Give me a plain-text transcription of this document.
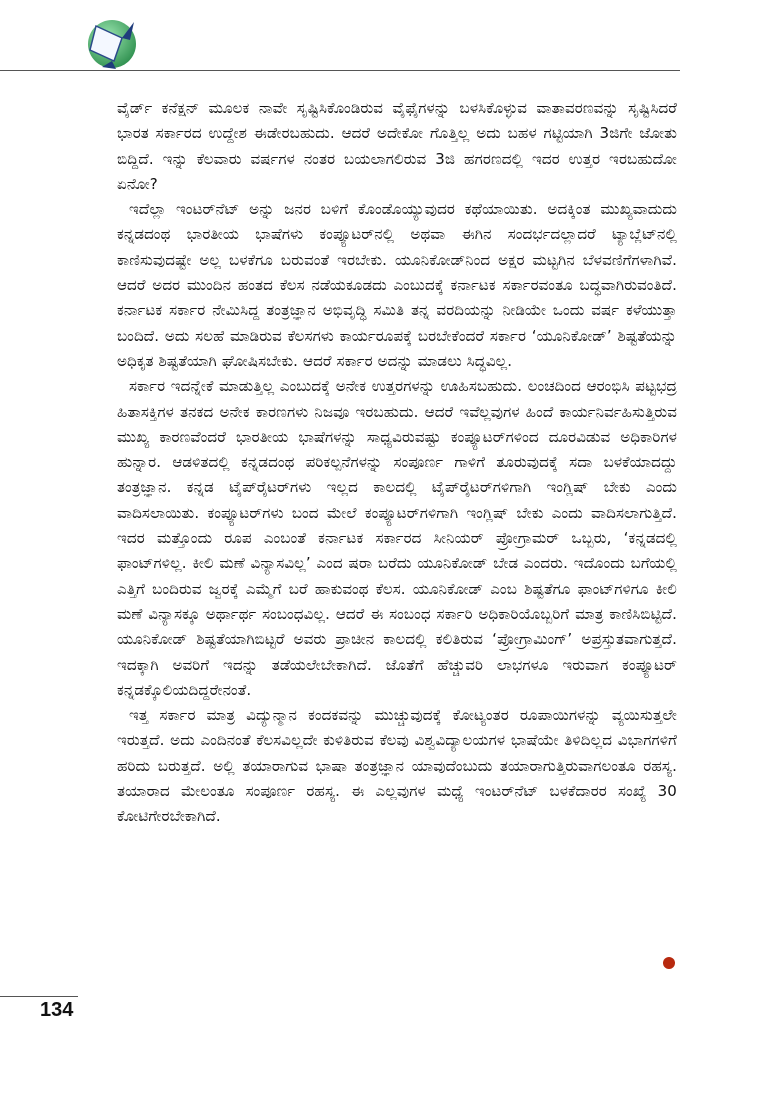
ವೈರ್ಡ್ ಕನೆಕ್ಷನ್ ಮೂಲಕ ನಾವೇ ಸೃಷ್ಟಿಸಿಕೊಂಡಿರುವ ವೈಫೈಗಳನ್ನು ಬಳಸಿಕೊಳ್ಳುವ ವಾತಾವರಣವನ್ನು ಸೃಷ್ಟಿಸಿದರೆ ಭಾರತ ಸರ್ಕಾರದ ಉದ್ದೇಶ ಈಡೇರಬಹುದು. ಆದರೆ ಅದೇಕೋ ಗೊತ್ತಿಲ್ಲ ಅದು ಬಹಳ ಗಟ್ಟಿಯಾಗಿ 3ಜಿಗೇ ಜೋತು ಬಿದ್ದಿದೆ. ಇನ್ನು ಕೆಲವಾರು ವರ್ಷಗಳ ನಂತರ ಬಯಲಾಗಲಿರುವ 3ಜಿ ಹಗರಣದಲ್ಲಿ ಇದರ ಉತ್ತರ ಇರಬಹುದೋ ಏನೋ?

ಇದೆಲ್ಲಾ ಇಂಟರ್‌ನೆಟ್ ಅನ್ನು ಜನರ ಬಳಿಗೆ ಕೊಂಡೊಯ್ಯುವುದರ ಕಥೆಯಾಯಿತು. ಅದಕ್ಕಿಂತ ಮುಖ್ಯವಾದುದು ಕನ್ನಡದಂಥ ಭಾರತೀಯ ಭಾಷೆಗಳು ಕಂಪ್ಯೂಟರ್‌ನಲ್ಲಿ ಅಥವಾ ಈಗಿನ ಸಂದರ್ಭದಲ್ಲಾದರೆ ಟ್ಯಾಬ್ಲೆಟ್‌ನಲ್ಲಿ ಕಾಣಿಸುವುದಷ್ಟೇ ಅಲ್ಲ ಬಳಕೆಗೂ ಬರುವಂತೆ ಇರಬೇಕು. ಯೂನಿಕೋಡ್‌ನಿಂದ ಅಕ್ಷರ ಮಟ್ಟಗಿನ ಬೆಳವಣಿಗೆಗಳಾಗಿವೆ. ಆದರೆ ಅದರ ಮುಂದಿನ ಹಂತದ ಕೆಲಸ ನಡೆಯಕೂಡದು ಎಂಬುದಕ್ಕೆ ಕರ್ನಾಟಕ ಸರ್ಕಾರವಂತೂ ಬದ್ಧವಾಗಿರುವಂತಿದೆ. ಕರ್ನಾಟಕ ಸರ್ಕಾರ ನೇಮಿಸಿದ್ದ ತಂತ್ರಜ್ಞಾನ ಅಭಿವೃದ್ಧಿ ಸಮಿತಿ ತನ್ನ ವರದಿಯನ್ನು ನೀಡಿಯೇ ಒಂದು ವರ್ಷ ಕಳೆಯುತ್ತಾ ಬಂದಿದೆ. ಅದು ಸಲಹೆ ಮಾಡಿರುವ ಕೆಲಸಗಳು ಕಾರ್ಯರೂಪಕ್ಕೆ ಬರಬೇಕೆಂದರೆ ಸರ್ಕಾರ ‘ಯೂನಿಕೋಡ್’ ಶಿಷ್ಟತೆಯನ್ನು ಅಧಿಕೃತ ಶಿಷ್ಟತೆಯಾಗಿ ಘೋಷಿಸಬೇಕು. ಆದರೆ ಸರ್ಕಾರ ಅದನ್ನು ಮಾಡಲು ಸಿದ್ಧವಿಲ್ಲ.

ಸರ್ಕಾರ ಇದನ್ನೇಕೆ ಮಾಡುತ್ತಿಲ್ಲ ಎಂಬುದಕ್ಕೆ ಅನೇಕ ಉತ್ತರಗಳನ್ನು ಊಹಿಸಬಹುದು. ಲಂಚದಿಂದ ಆರಂಭಿಸಿ ಪಟ್ಟಭದ್ರ ಹಿತಾಸಕ್ತಿಗಳ ತನಕದ ಅನೇಕ ಕಾರಣಗಳು ನಿಜವೂ ಇರಬಹುದು. ಆದರೆ ಇವೆಲ್ಲವುಗಳ ಹಿಂದೆ ಕಾರ್ಯನಿರ್ವಹಿಸುತ್ತಿರುವ ಮುಖ್ಯ ಕಾರಣವೆಂದರೆ ಭಾರತೀಯ ಭಾಷೆಗಳನ್ನು ಸಾಧ್ಯವಿರುವಷ್ಟು ಕಂಪ್ಯೂಟರ್‌ಗಳಿಂದ ದೂರವಿಡುವ ಅಧಿಕಾರಿಗಳ ಹುನ್ನಾರ. ಆಡಳಿತದಲ್ಲಿ ಕನ್ನಡದಂಥ ಪರಿಕಲ್ಪನೆಗಳನ್ನು ಸಂಪೂರ್ಣ ಗಾಳಿಗೆ ತೂರುವುದಕ್ಕೆ ಸದಾ ಬಳಕೆಯಾದದ್ದು ತಂತ್ರಜ್ಞಾನ. ಕನ್ನಡ ಟೈಪ್‌ರೈಟರ್‌ಗಳು ಇಲ್ಲದ ಕಾಲದಲ್ಲಿ ಟೈಪ್‌ರೈಟರ್‌ಗಳಿಗಾಗಿ ಇಂಗ್ಲಿಷ್ ಬೇಕು ಎಂದು ವಾದಿಸಲಾಯಿತು. ಕಂಪ್ಯೂಟರ್‌ಗಳು ಬಂದ ಮೇಲೆ ಕಂಪ್ಯೂಟರ್‌ಗಳಿಗಾಗಿ ಇಂಗ್ಲಿಷ್ ಬೇಕು ಎಂದು ವಾದಿಸಲಾಗುತ್ತಿದೆ. ಇದರ ಮತ್ತೊಂದು ರೂಪ ಎಂಬಂತೆ ಕರ್ನಾಟಕ ಸರ್ಕಾರದ ಸೀನಿಯರ್ ಪ್ರೋಗ್ರಾಮರ್ ಒಬ್ಬರು, ‘ಕನ್ನಡದಲ್ಲಿ ಫಾಂಟ್‌ಗಳಿಲ್ಲ. ಕೀಲಿ ಮಣೆ ವಿನ್ಯಾಸವಿಲ್ಲ’ ಎಂದ ಷರಾ ಬರೆದು ಯೂನಿಕೋಡ್ ಬೇಡ ಎಂದರು. ಇದೊಂದು ಬಗೆಯಲ್ಲಿ ಎತ್ತಿಗೆ ಬಂದಿರುವ ಜ್ವರಕ್ಕೆ ಎಮ್ಮೆಗೆ ಬರೆ ಹಾಕುವಂಥ ಕೆಲಸ. ಯೂನಿಕೋಡ್ ಎಂಬ ಶಿಷ್ಟತೆಗೂ ಫಾಂಟ್‌ಗಳಿಗೂ ಕೀಲಿ ಮಣೆ ವಿನ್ಯಾಸಕ್ಕೂ ಅರ್ಥಾರ್ಥ ಸಂಬಂಧವಿಲ್ಲ. ಆದರೆ ಈ ಸಂಬಂಧ ಸರ್ಕಾರಿ ಅಧಿಕಾರಿಯೊಬ್ಬರಿಗೆ ಮಾತ್ರ ಕಾಣಿಸಿಬಿಟ್ಟಿದೆ. ಯೂನಿಕೋಡ್ ಶಿಷ್ಟತೆಯಾಗಿಬಿಟ್ಟರೆ ಅವರು ಪ್ರಾಚೀನ ಕಾಲದಲ್ಲಿ ಕಲಿತಿರುವ ‘ಪ್ರೋಗ್ರಾಮಿಂಗ್’ ಅಪ್ರಸ್ತುತವಾಗುತ್ತದೆ. ಇದಕ್ಕಾಗಿ ಅವರಿಗೆ ಇದನ್ನು ತಡೆಯಲೇಬೇಕಾಗಿದೆ. ಜೊತೆಗೆ ಹೆಚ್ಚುವರಿ ಲಾಭಗಳೂ ಇರುವಾಗ ಕಂಪ್ಯೂಟರ್ ಕನ್ನಡಕ್ಕೊಲಿಯದಿದ್ದರೇನಂತೆ.

ಇತ್ತ ಸರ್ಕಾರ ಮಾತ್ರ ವಿದ್ಯುನ್ಮಾನ ಕಂದಕವನ್ನು ಮುಚ್ಚುವುದಕ್ಕೆ ಕೋಟ್ಯಂತರ ರೂಪಾಯಿಗಳನ್ನು ವ್ಯಯಿಸುತ್ತಲೇ ಇರುತ್ತದೆ. ಅದು ಎಂದಿನಂತೆ ಕೆಲಸವಿಲ್ಲದೇ ಕುಳಿತಿರುವ ಕೆಲವು ವಿಶ್ವವಿದ್ಯಾಲಯಗಳ ಭಾಷೆಯೇ ತಿಳಿದಿಲ್ಲದ ವಿಭಾಗಗಳಿಗೆ ಹರಿದು ಬರುತ್ತದೆ. ಅಲ್ಲಿ ತಯಾರಾಗುವ ಭಾಷಾ ತಂತ್ರಜ್ಞಾನ ಯಾವುದೆಂಬುದು ತಯಾರಾಗುತ್ತಿರುವಾಗಲಂತೂ ರಹಸ್ಯ. ತಯಾರಾದ ಮೇಲಂತೂ ಸಂಪೂರ್ಣ ರಹಸ್ಯ. ಈ ಎಲ್ಲವುಗಳ ಮಧ್ಯೆ ಇಂಟರ್‌ನೆಟ್ ಬಳಕೆದಾರರ ಸಂಖ್ಯೆ 30 ಕೋಟಿಗೇರಬೇಕಾಗಿದೆ.

134
